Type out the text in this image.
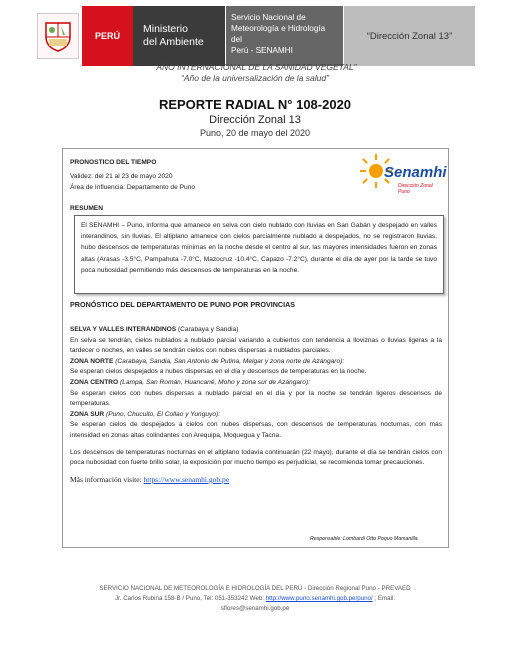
PERÚ
Ministerio
del Ambiente
Servicio Nacional de
Meteorología e Hidrología del
Perú - SENAMHI
“Dirección Zonal 13”
“AÑO INTERNACIONAL DE LA SANIDAD VEGETAL”
“Año de la universalización de la salud”
REPORTE RADIAL N° 108-2020
Dirección Zonal 13
Puno, 20 de mayo del 2020
PRONOSTICO DEL TIEMPO
Validez: del 21 al 23 de mayo 2020
Área de Influencia: Departamento de Puno
Senamhi
Dirección Zonal Puno
RESUMEN

El SENAMHI – Puno, informa que amanece en selva con cielo nublado con lluvias en San Gabán y despejado en valles interandinos, sin lluvias. El altiplano amanece con cielos parcialmente nublado a despejados, no se registraron lluvias, hubo descensos de temperaturas mínimas en la noche desde el centro al sur, las mayores intensidades fueron en zonas altas (Arasas -3.5°C, Pampahuta -7.0°C, Mazocruz -10.4°C, Capazo -7.2°C), durante el día de ayer por la tarde se tuvo poca nubosidad permitiendo más descensos de temperaturas en la noche.

PRONÓSTICO DEL DEPARTAMENTO DE PUNO POR PROVINCIAS

SELVA Y VALLES INTERANDINOS (Carabaya y Sandia)

En selva se tendrán, cielos nublados a nublado parcial variando a cubiertos con tendencia a lloviznas o lluvias ligeras a la tardecer o noches, en valles se tendrán cielos con nubes dispersas a nublados parciales.

ZONA NORTE (Carabaya, Sandia, San Antonio de Putina, Melgar y zona norte de Azángaro):

Se esperan cielos despejados a nubes dispersas en el día y descensos de temperaturas en la noche.

ZONA CENTRO (Lampa, San Román, Huancané, Moho y zona sur de Azángaro):

Se esperan cielos con nubes dispersas a nublado parcial en el día y por la noche se tendrán ligeros descensos de temperaturas.

ZONA SUR (Puno, Chucuito, El Collao y Yunguyo):

Se esperan cielos de despejados a cielos con nubes dispersas, con descensos de temperaturas nocturnas, con más intensidad en zonas altas colindantes con Arequipa, Moquegua y Tacna.

Los descensos de temperaturas nocturnas en el altiplano todavía continuarán (22 mayo), durante el día se tendrán cielos con poca nubosidad con fuerte brillo solar, la exposición por mucho tiempo es perjudicial, se recomienda tomar precauciones.

Más información visite: https://www.senamhi.gob.pe

Responsable: Lombardi Otto Poquo Mamanilla.
SERVICIO NACIONAL DE METEOROLOGÍA E HIDROLOGÍA DEL PERÚ - Dirección Regional Puno - PREVAED
Jr. Carlos Rubina 158-B / Puno, Tel: 051-353242 Web: http://www.puno.senamhi.gob.pe/puno/ ; Email:
sflores@senamhi.gob.pe
